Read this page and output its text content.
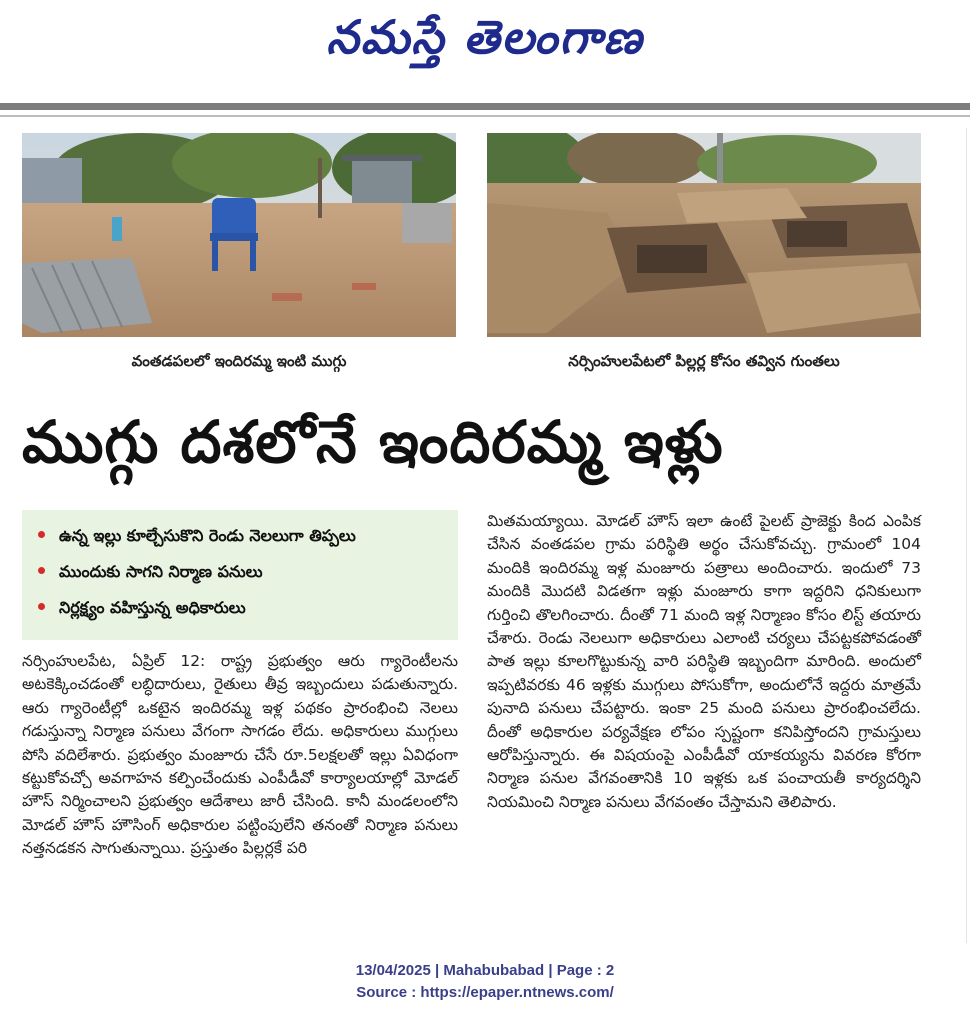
నమస్తే తెలంగాణ
వంతడపలలో ఇందిరమ్మ ఇంటి ముగ్గు	నర్సింహులపేటలో పిల్లర్ల కోసం తవ్విన గుంతలు
ముగ్గు దశలోనే ఇందిరమ్మ ఇళ్లు
ఉన్న ఇల్లు కూల్చేసుకొని రెండు నెలలుగా తిప్పలు
ముందుకు సాగని నిర్మాణ పనులు
నిర్లక్ష్యం వహిస్తున్న అధికారులు

నర్సింహులపేట, ఏప్రిల్ 12: రాష్ట్ర ప్రభుత్వం ఆరు గ్యారెంటీలను అటకెక్కించడంతో లబ్ధిదారులు, రైతులు తీవ్ర ఇబ్బందులు పడుతున్నారు. ఆరు గ్యారెంటీల్లో ఒకటైన ఇందిరమ్మ ఇళ్ల పథకం ప్రారంభించి నెలలు గడుస్తున్నా నిర్మాణ పనులు వేగంగా సాగడం లేదు. అధికారులు ముగ్గులు పోసి వదిలేశారు. ప్రభుత్వం మంజూరు చేసే రూ.5లక్షలతో ఇల్లు ఏవిధంగా కట్టుకోవచ్చో అవగాహన కల్పించేందుకు ఎంపీడీవో కార్యాలయాల్లో మోడల్ హౌస్ నిర్మించాలని ప్రభుత్వం ఆదేశాలు జారీ చేసింది. కానీ మండలంలోని మోడల్ హౌస్ హౌసింగ్ అధికారుల పట్టింపులేని తనంతో నిర్మాణ పనులు నత్తనడకన సాగుతున్నాయి. ప్రస్తుతం పిల్లర్లకే పరి

మితమయ్యాయి. మోడల్ హౌస్ ఇలా ఉంటే పైలట్ ప్రాజెక్టు కింద ఎంపిక చేసిన వంతడపల గ్రామ పరిస్థితి అర్థం చేసుకోవచ్చు. గ్రామంలో 104 మందికి ఇందిరమ్మ ఇళ్ల మంజూరు పత్రాలు అందించారు. ఇందులో 73 మందికి మొదటి విడతగా ఇళ్లు మంజూరు కాగా ఇద్దరిని ధనికులుగా గుర్తించి తొలగించారు. దీంతో 71 మంది ఇళ్ల నిర్మాణం కోసం లిస్ట్ తయారు చేశారు. రెండు నెలలుగా అధికారులు ఎలాంటి చర్యలు చేపట్టకపోవడంతో పాత ఇల్లు కూలగొట్టుకున్న వారి పరిస్థితి ఇబ్బందిగా మారింది. అందులో ఇప్పటివరకు 46 ఇళ్లకు ముగ్గులు పోసుకోగా, అందులోనే ఇద్దరు మాత్రమే పునాది పనులు చేపట్టారు. ఇంకా 25 మంది పనులు ప్రారంభించలేదు. దీంతో అధికారుల పర్యవేక్షణ లోపం స్పష్టంగా కనిపిస్తోందని గ్రామస్తులు ఆరోపిస్తున్నారు. ఈ విషయంపై ఎంపీడీవో యాకయ్యను వివరణ కోరగా నిర్మాణ పనుల వేగవంతానికి 10 ఇళ్లకు ఒక పంచాయతీ కార్యదర్శిని నియమించి నిర్మాణ పనులు వేగవంతం చేస్తామని తెలిపారు.

13/04/2025 | Mahabubabad | Page : 2
Source : https://epaper.ntnews.com/
